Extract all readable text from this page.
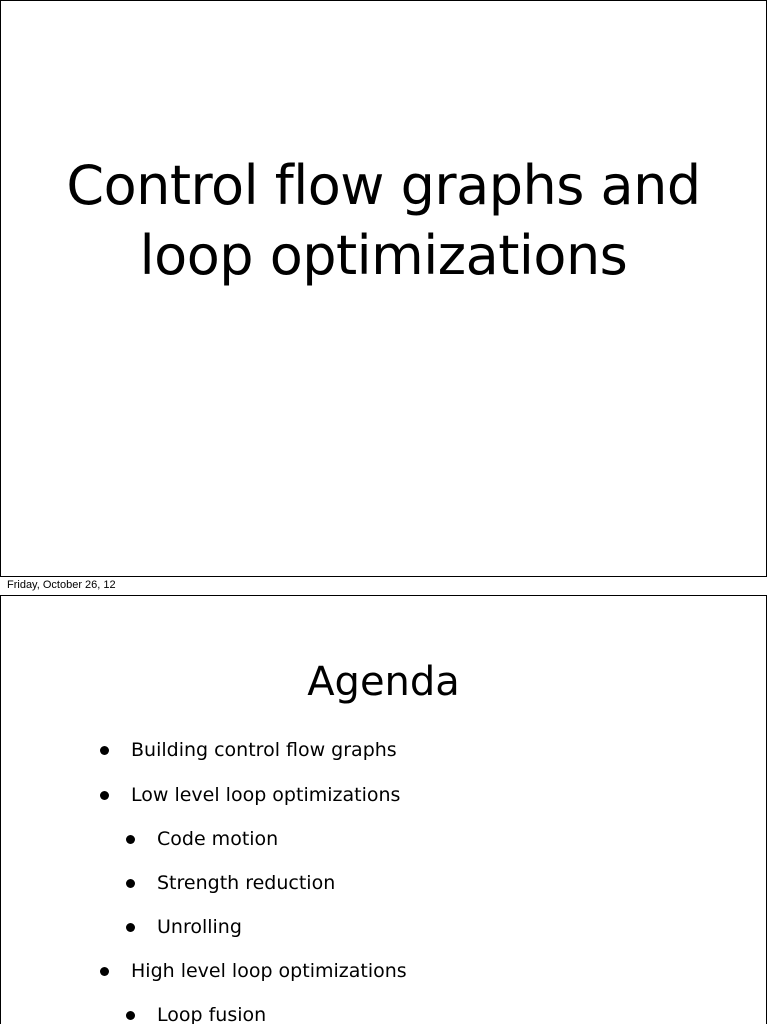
Control flow graphs and
loop optimizations
Friday, October 26, 12
Agenda
Building control flow graphs
Low level loop optimizations
Code motion
Strength reduction
Unrolling
High level loop optimizations
Loop fusion
